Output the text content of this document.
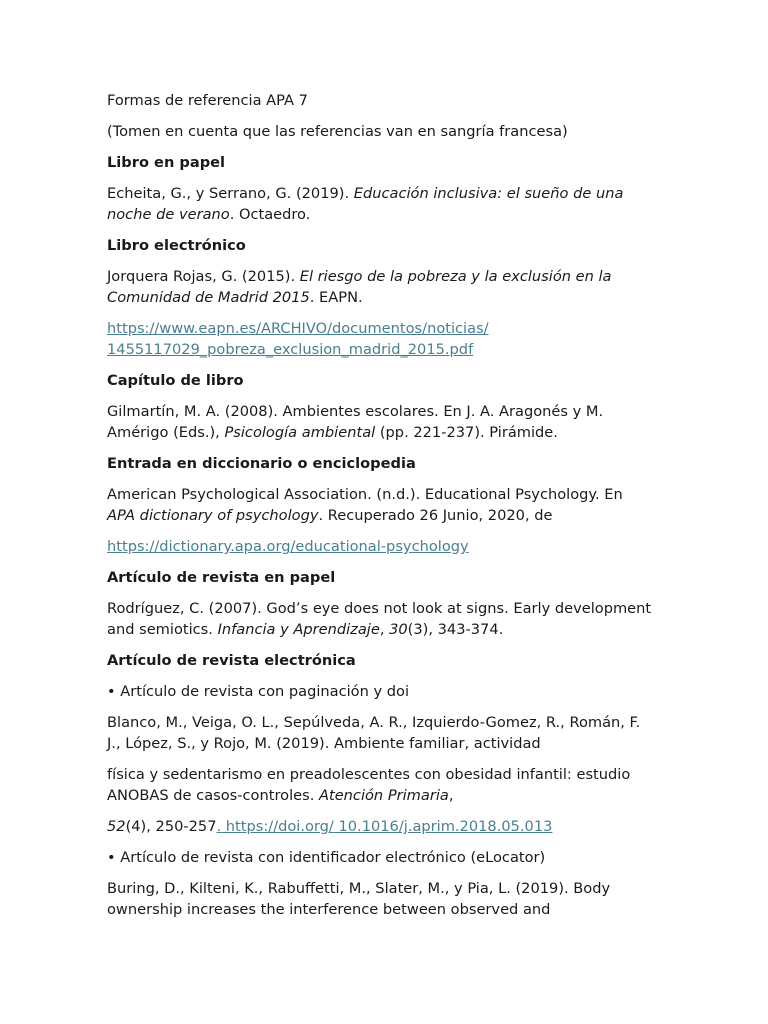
Formas de referencia APA 7

(Tomen en cuenta que las referencias van en sangría francesa)

Libro en papel

Echeita, G., y Serrano, G. (2019). Educación inclusiva: el sueño de una noche de verano. Octaedro.

Libro electrónico

Jorquera Rojas, G. (2015). El riesgo de la pobreza y la exclusión en la Comunidad de Madrid 2015. EAPN.

https://www.eapn.es/ARCHIVO/documentos/noticias/
1455117029_pobreza_exclusion_madrid_2015.pdf

Capítulo de libro

Gilmartín, M. A. (2008). Ambientes escolares. En J. A. Aragonés y M. Amérigo (Eds.), Psicología ambiental (pp. 221-237). Pirámide.

Entrada en diccionario o enciclopedia

American Psychological Association. (n.d.). Educational Psychology. En APA dictionary of psychology. Recuperado 26 Junio, 2020, de

https://dictionary.apa.org/educational-psychology

Artículo de revista en papel

Rodríguez, C. (2007). God’s eye does not look at signs. Early development and semiotics. Infancia y Aprendizaje, 30(3), 343-374.

Artículo de revista electrónica

• Artículo de revista con paginación y doi

Blanco, M., Veiga, O. L., Sepúlveda, A. R., Izquierdo-Gomez, R., Román, F. J., López, S., y Rojo, M. (2019). Ambiente familiar, actividad

física y sedentarismo en preadolescentes con obesidad infantil: estudio ANOBAS de casos-controles. Atención Primaria,

52(4), 250-257. https://doi.org/ 10.1016/j.aprim.2018.05.013

• Artículo de revista con identificador electrónico (eLocator)

Buring, D., Kilteni, K., Rabuffetti, M., Slater, M., y Pia, L. (2019). Body ownership increases the interference between observed and
